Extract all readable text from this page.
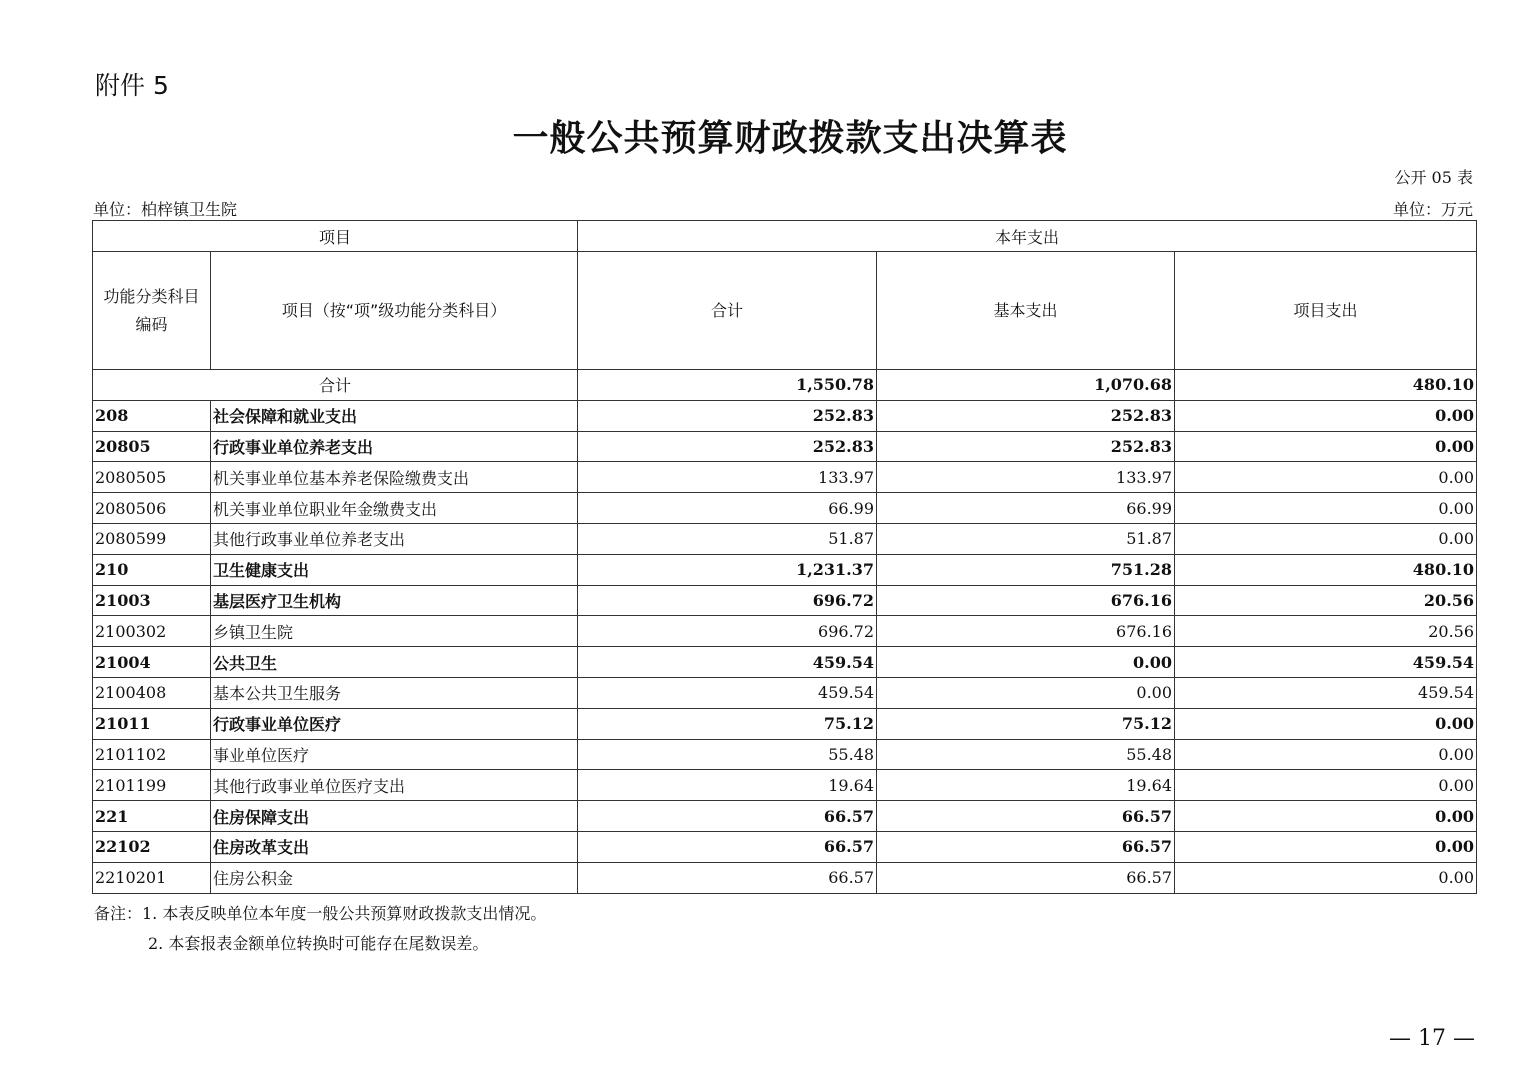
附件 5
一般公共预算财政拨款支出决算表
公开 05 表
单位：柏梓镇卫生院	单位：万元
项目		本年支出		
功能分类科目编码	项目（按“项”级功能分类科目）	合计	基本支出	项目支出
合计		1,550.78	1,070.68	480.10
208	社会保障和就业支出	252.83	252.83	0.00
20805	行政事业单位养老支出	252.83	252.83	0.00
2080505	机关事业单位基本养老保险缴费支出	133.97	133.97	0.00
2080506	机关事业单位职业年金缴费支出	66.99	66.99	0.00
2080599	其他行政事业单位养老支出	51.87	51.87	0.00
210	卫生健康支出	1,231.37	751.28	480.10
21003	基层医疗卫生机构	696.72	676.16	20.56
2100302	乡镇卫生院	696.72	676.16	20.56
21004	公共卫生	459.54	0.00	459.54
2100408	基本公共卫生服务	459.54	0.00	459.54
21011	行政事业单位医疗	75.12	75.12	0.00
2101102	事业单位医疗	55.48	55.48	0.00
2101199	其他行政事业单位医疗支出	19.64	19.64	0.00
221	住房保障支出	66.57	66.57	0.00
22102	住房改革支出	66.57	66.57	0.00
2210201	住房公积金	66.57	66.57	0.00
备注：1. 本表反映单位本年度一般公共预算财政拨款支出情况。
2. 本套报表金额单位转换时可能存在尾数误差。
— 17 —
